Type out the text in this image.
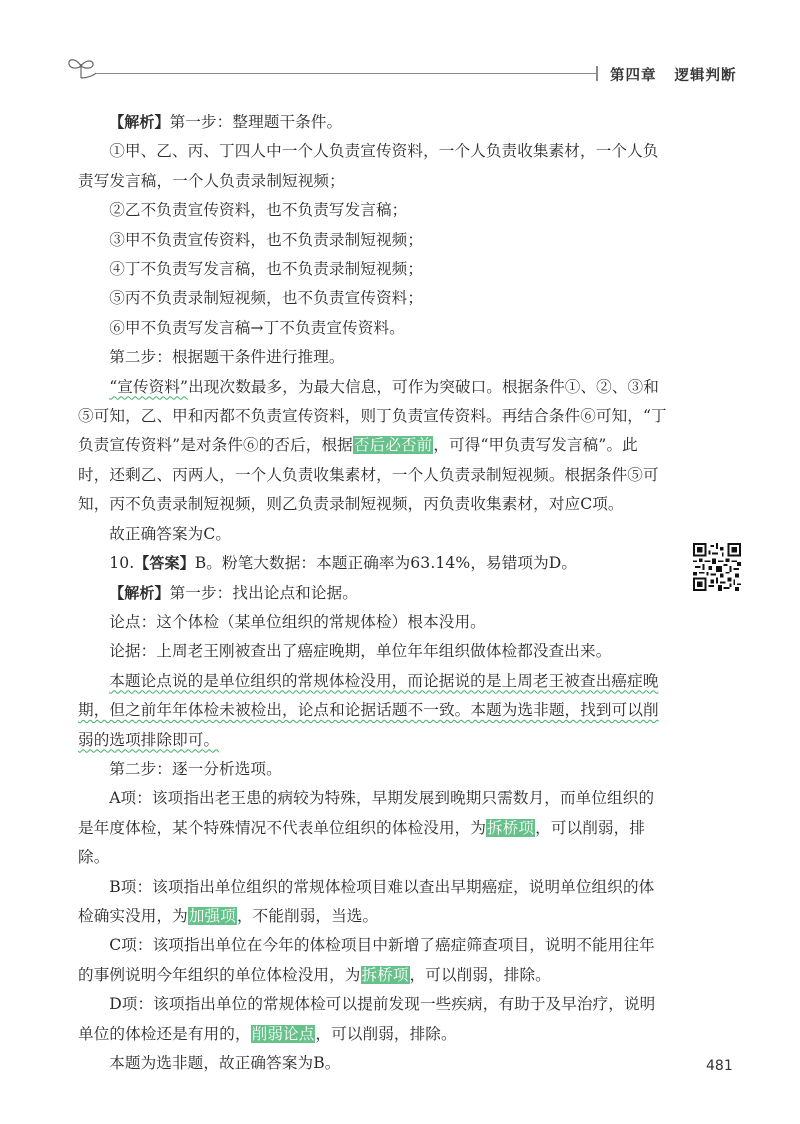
第四章 逻辑判断

【解析】第一步：整理题干条件。

①甲、乙、丙、丁四人中一个人负责宣传资料，一个人负责收集素材，一个人负责写发言稿，一个人负责录制短视频；

②乙不负责宣传资料，也不负责写发言稿；

③甲不负责宣传资料，也不负责录制短视频；

④丁不负责写发言稿，也不负责录制短视频；

⑤丙不负责录制短视频，也不负责宣传资料；

⑥甲不负责写发言稿→丁不负责宣传资料。

第二步：根据题干条件进行推理。

“宣传资料”出现次数最多，为最大信息，可作为突破口。根据条件①、②、③和⑤可知，乙、甲和丙都不负责宣传资料，则丁负责宣传资料。再结合条件⑥可知，“丁负责宣传资料”是对条件⑥的否后，根据否后必否前，可得“甲负责写发言稿”。此时，还剩乙、丙两人，一个人负责收集素材，一个人负责录制短视频。根据条件⑤可知，丙不负责录制短视频，则乙负责录制短视频，丙负责收集素材，对应C项。

故正确答案为C。

10.【答案】B。粉笔大数据：本题正确率为63.14%，易错项为D。

【解析】第一步：找出论点和论据。

论点：这个体检（某单位组织的常规体检）根本没用。

论据：上周老王刚被查出了癌症晚期，单位年年组织做体检都没查出来。

本题论点说的是单位组织的常规体检没用，而论据说的是上周老王被查出癌症晚期，但之前年年体检未被检出，论点和论据话题不一致。本题为选非题，找到可以削弱的选项排除即可。

第二步：逐一分析选项。

A项：该项指出老王患的病较为特殊，早期发展到晚期只需数月，而单位组织的是年度体检，某个特殊情况不代表单位组织的体检没用，为拆桥项，可以削弱，排除。

B项：该项指出单位组织的常规体检项目难以查出早期癌症，说明单位组织的体检确实没用，为加强项，不能削弱，当选。

C项：该项指出单位在今年的体检项目中新增了癌症筛查项目，说明不能用往年的事例说明今年组织的单位体检没用，为拆桥项，可以削弱，排除。

D项：该项指出单位的常规体检可以提前发现一些疾病，有助于及早治疗，说明单位的体检还是有用的，削弱论点，可以削弱，排除。

本题为选非题，故正确答案为B。	481
